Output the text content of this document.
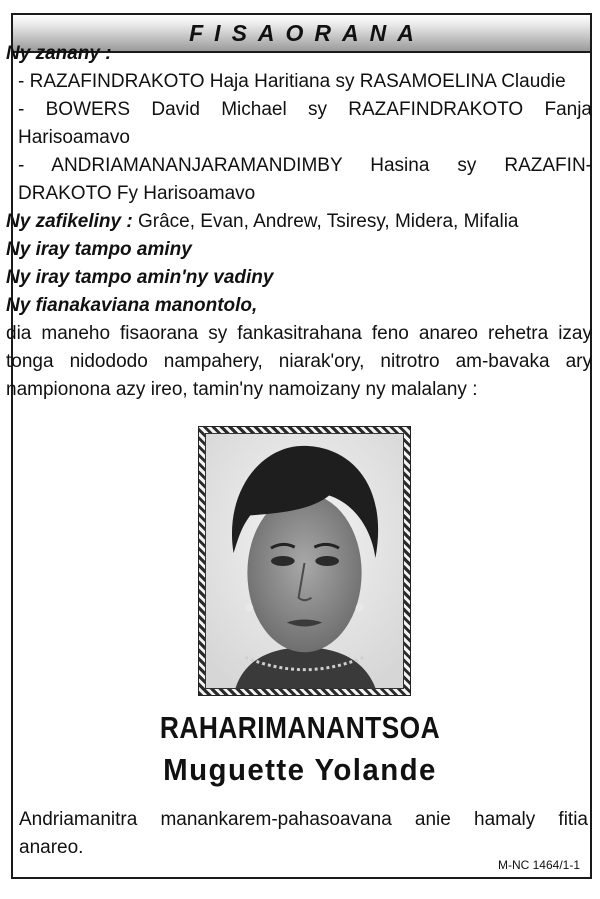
FISAORANA
Ny zanany :
- RAZAFINDRAKOTO Haja Haritiana sy RASAMOELINA Claudie
- BOWERS David Michael sy RAZAFINDRAKOTO Fanja
Harisoamavo
- ANDRIAMANANJARAMANDIMBY Hasina sy RAZAFIN-
DRAKOTO Fy Harisoamavo
Ny zafikeliny : Grâce, Evan, Andrew, Tsiresy, Midera, Mifalia
Ny iray tampo aminy
Ny iray tampo amin'ny vadiny
Ny fianakaviana manontolo,
dia maneho fisaorana sy fankasitrahana feno anareo rehetra izay
tonga nidododo nampahery, niarak'ory, nitrotro am-bavaka ary
nampionona azy ireo, tamin'ny namoizany ny malalany :
RAHARIMANANTSOA
Muguette Yolande
Andriamanitra manankarem-pahasoavana anie hamaly fitia
anareo.
M-NC 1464/1-1
